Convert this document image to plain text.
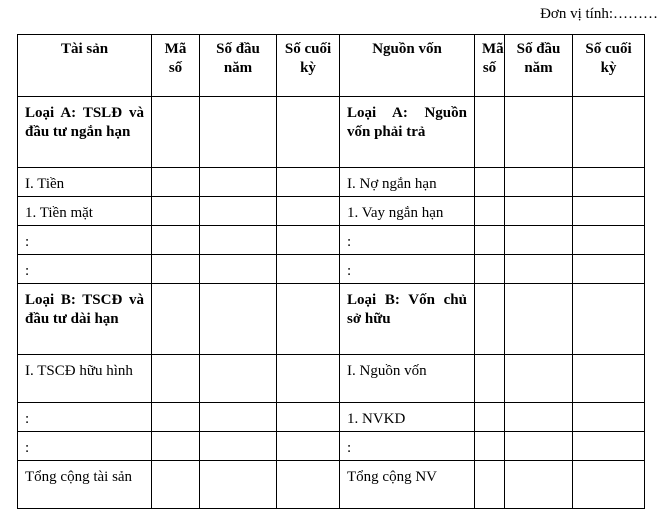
Đơn vị tính:………
Tài sản	Mã số	Số đầu năm	Số cuối kỳ	Nguồn vốn	Mã số	Số đầu năm	Số cuối kỳ
Loại A: TSLĐ và đầu tư ngắn hạn				Loại A: Nguồn vốn phải trả			
I. Tiền				I. Nợ ngắn hạn			
1. Tiền mặt				1. Vay ngắn hạn			
:				:			
:				:			
Loại B: TSCĐ và đầu tư dài hạn				Loại B: Vốn chủ sở hữu			
I. TSCĐ hữu hình				I. Nguồn vốn			
:				1. NVKD			
:				:			
Tổng cộng tài sản				Tổng cộng NV			
